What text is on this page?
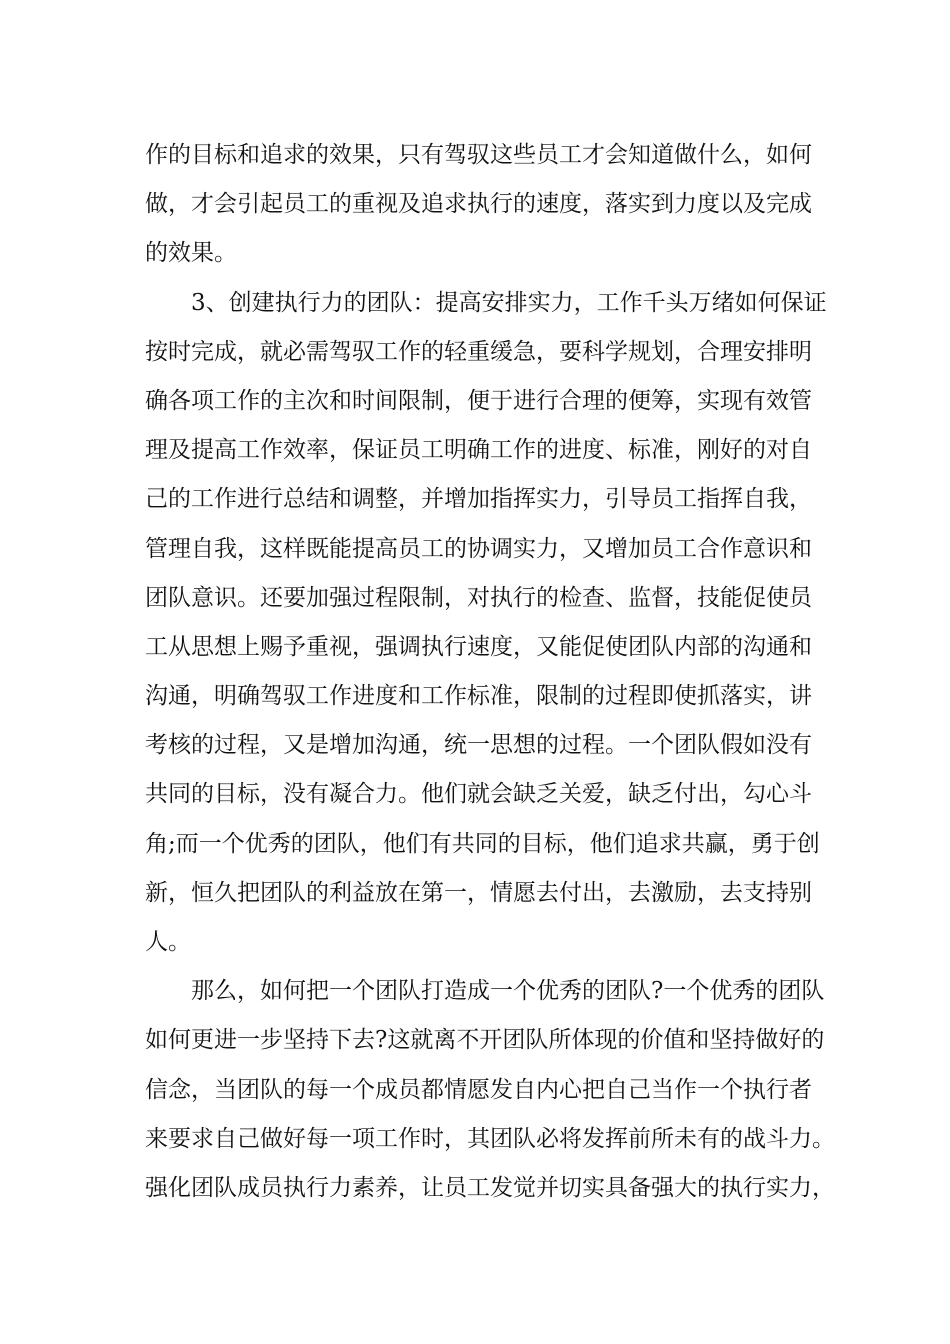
作的目标和追求的效果，只有驾驭这些员工才会知道做什么，如何
做，才会引起员工的重视及追求执行的速度，落实到力度以及完成
的效果。
3、创建执行力的团队：提高安排实力，工作千头万绪如何保证
按时完成，就必需驾驭工作的轻重缓急，要科学规划，合理安排明
确各项工作的主次和时间限制，便于进行合理的便筹，实现有效管
理及提高工作效率，保证员工明确工作的进度、标准，刚好的对自
己的工作进行总结和调整，并增加指挥实力，引导员工指挥自我，
管理自我，这样既能提高员工的协调实力，又增加员工合作意识和
团队意识。还要加强过程限制，对执行的检查、监督，技能促使员
工从思想上赐予重视，强调执行速度，又能促使团队内部的沟通和
沟通，明确驾驭工作进度和工作标准，限制的过程即使抓落实，讲
考核的过程，又是增加沟通，统一思想的过程。一个团队假如没有
共同的目标，没有凝合力。他们就会缺乏关爱，缺乏付出，勾心斗
角;而一个优秀的团队，他们有共同的目标，他们追求共赢，勇于创
新，恒久把团队的利益放在第一，情愿去付出，去激励，去支持别
人。
那么，如何把一个团队打造成一个优秀的团队?一个优秀的团队
如何更进一步坚持下去?这就离不开团队所体现的价值和坚持做好的
信念，当团队的每一个成员都情愿发自内心把自己当作一个执行者
来要求自己做好每一项工作时，其团队必将发挥前所未有的战斗力。
强化团队成员执行力素养，让员工发觉并切实具备强大的执行实力，
